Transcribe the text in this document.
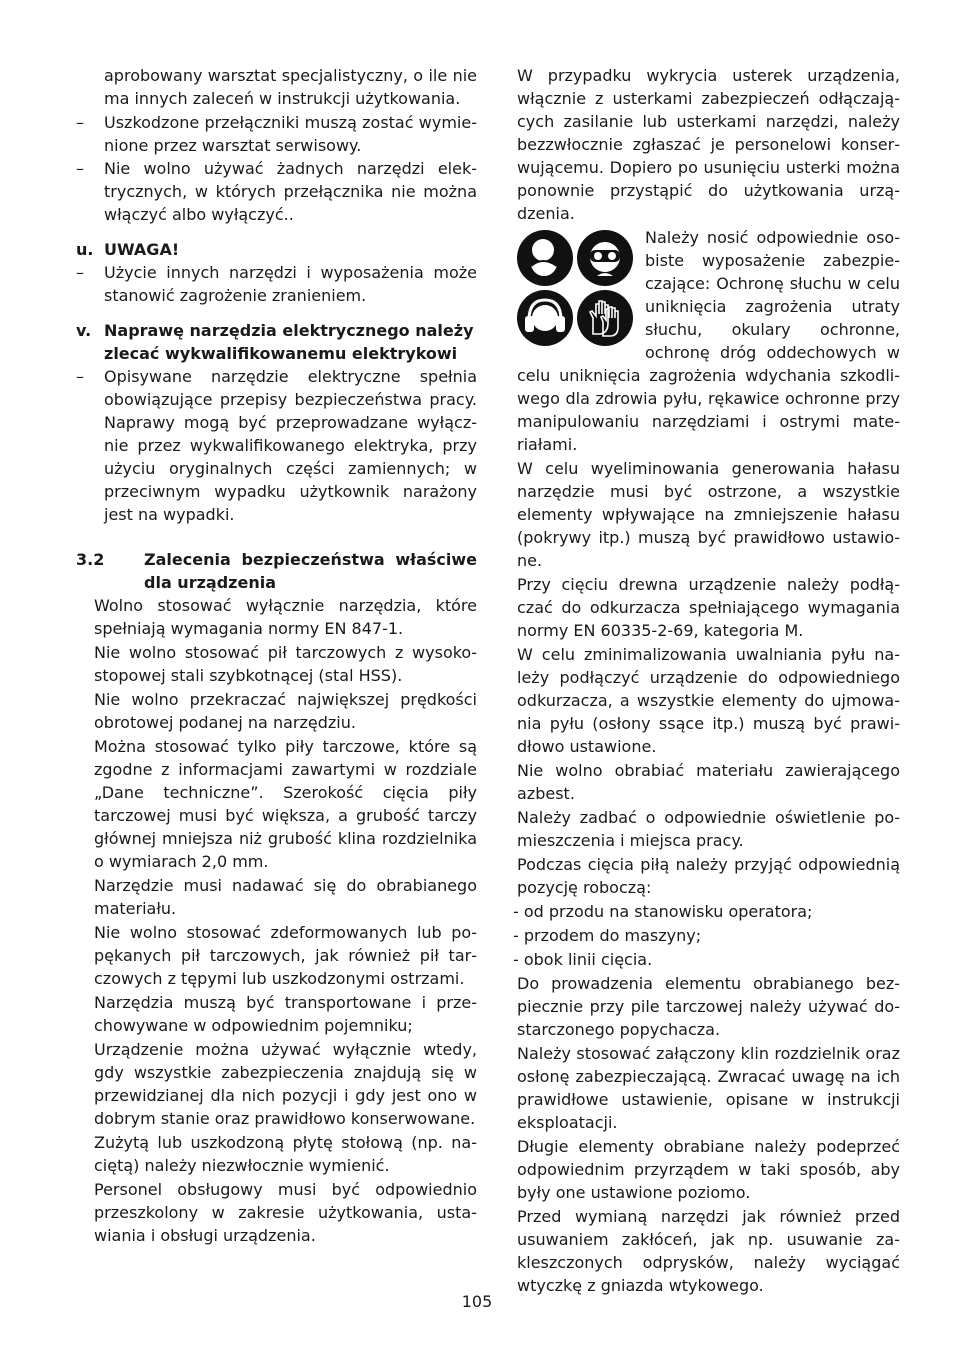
aprobowany warsztat specjalistyczny, o ile nie ma innych zaleceń w instrukcji użytkowania.

– Uszkodzone przełączniki muszą zostać wymienione przez warsztat serwisowy.

– Nie wolno używać żadnych narzędzi elektrycznych, w których przełącznika nie można włączyć albo wyłączyć..

u. UWAGA!

– Użycie innych narzędzi i wyposażenia może stanowić zagrożenie zranieniem.

v. Naprawę narzędzia elektrycznego należy zlecać wykwalifikowanemu elektrykowi

– Opisywane narzędzie elektryczne spełnia obowiązujące przepisy bezpieczeństwa pracy. Naprawy mogą być przeprowadzane wyłącznie przez wykwalifikowanego elektryka, przy użyciu oryginalnych części zamiennych; w przeciwnym wypadku użytkownik narażony jest na wypadki.

3.2 Zalecenia bezpieczeństwa właściwe dla urządzenia

Wolno stosować wyłącznie narzędzia, które spełniają wymagania normy EN 847-1.

Nie wolno stosować pił tarczowych z wysokostopowej stali szybkotnącej (stal HSS).

Nie wolno przekraczać największej prędkości obrotowej podanej na narzędziu.

Można stosować tylko piły tarczowe, które są zgodne z informacjami zawartymi w rozdziale „Dane techniczne”. Szerokość cięcia piły tarczowej musi być większa, a grubość tarczy głównej mniejsza niż grubość klina rozdzielnika o wymiarach 2,0 mm.

Narzędzie musi nadawać się do obrabianego materiału.

Nie wolno stosować zdeformowanych lub popękanych pił tarczowych, jak również pił tarczowych z tępymi lub uszkodzonymi ostrzami.

Narzędzia muszą być transportowane i przechowywane w odpowiednim pojemniku;

Urządzenie można używać wyłącznie wtedy, gdy wszystkie zabezpieczenia znajdują się w przewidzianej dla nich pozycji i gdy jest ono w dobrym stanie oraz prawidłowo konserwowane.

Zużytą lub uszkodzoną płytę stołową (np. naciętą) należy niezwłocznie wymienić.

Personel obsługowy musi być odpowiednio przeszkolony w zakresie użytkowania, ustawiania i obsługi urządzenia.

W przypadku wykrycia usterek urządzenia, włącznie z usterkami zabezpieczeń odłączających zasilanie lub usterkami narzędzi, należy bezzwłocznie zgłaszać je personelowi konserwującemu. Dopiero po usunięciu usterki można ponownie przystąpić do użytkowania urządzenia.

Należy nosić odpowiednie osobiste wyposażenie zabezpieczające: Ochronę słuchu w celu uniknięcia zagrożenia utraty słuchu, okulary ochronne, ochronę dróg oddechowych w celu uniknięcia zagrożenia wdychania szkodliwego dla zdrowia pyłu, rękawice ochronne przy manipulowaniu narzędziami i ostrymi materiałami.

W celu wyeliminowania generowania hałasu narzędzie musi być ostrzone, a wszystkie elementy wpływające na zmniejszenie hałasu (pokrywy itp.) muszą być prawidłowo ustawione.

Przy cięciu drewna urządzenie należy podłączać do odkurzacza spełniającego wymagania normy EN 60335-2-69, kategoria M.

W celu zminimalizowania uwalniania pyłu należy podłączyć urządzenie do odpowiedniego odkurzacza, a wszystkie elementy do ujmowania pyłu (osłony ssące itp.) muszą być prawidłowo ustawione.

Nie wolno obrabiać materiału zawierającego azbest.

Należy zadbać o odpowiednie oświetlenie pomieszczenia i miejsca pracy.

Podczas cięcia piłą należy przyjąć odpowiednią pozycję roboczą:

- od przodu na stanowisku operatora;

- przodem do maszyny;

- obok linii cięcia.

Do prowadzenia elementu obrabianego bezpiecznie przy pile tarczowej należy używać dostarczonego popychacza.

Należy stosować załączony klin rozdzielnik oraz osłonę zabezpieczającą. Zwracać uwagę na ich prawidłowe ustawienie, opisane w instrukcji eksploatacji.

Długie elementy obrabiane należy podeprzeć odpowiednim przyrządem w taki sposób, aby były one ustawione poziomo.

Przed wymianą narzędzi jak również przed usuwaniem zakłóceń, jak np. usuwanie zakleszczonych odprysków, należy wyciągać wtyczkę z gniazda wtykowego.

105
